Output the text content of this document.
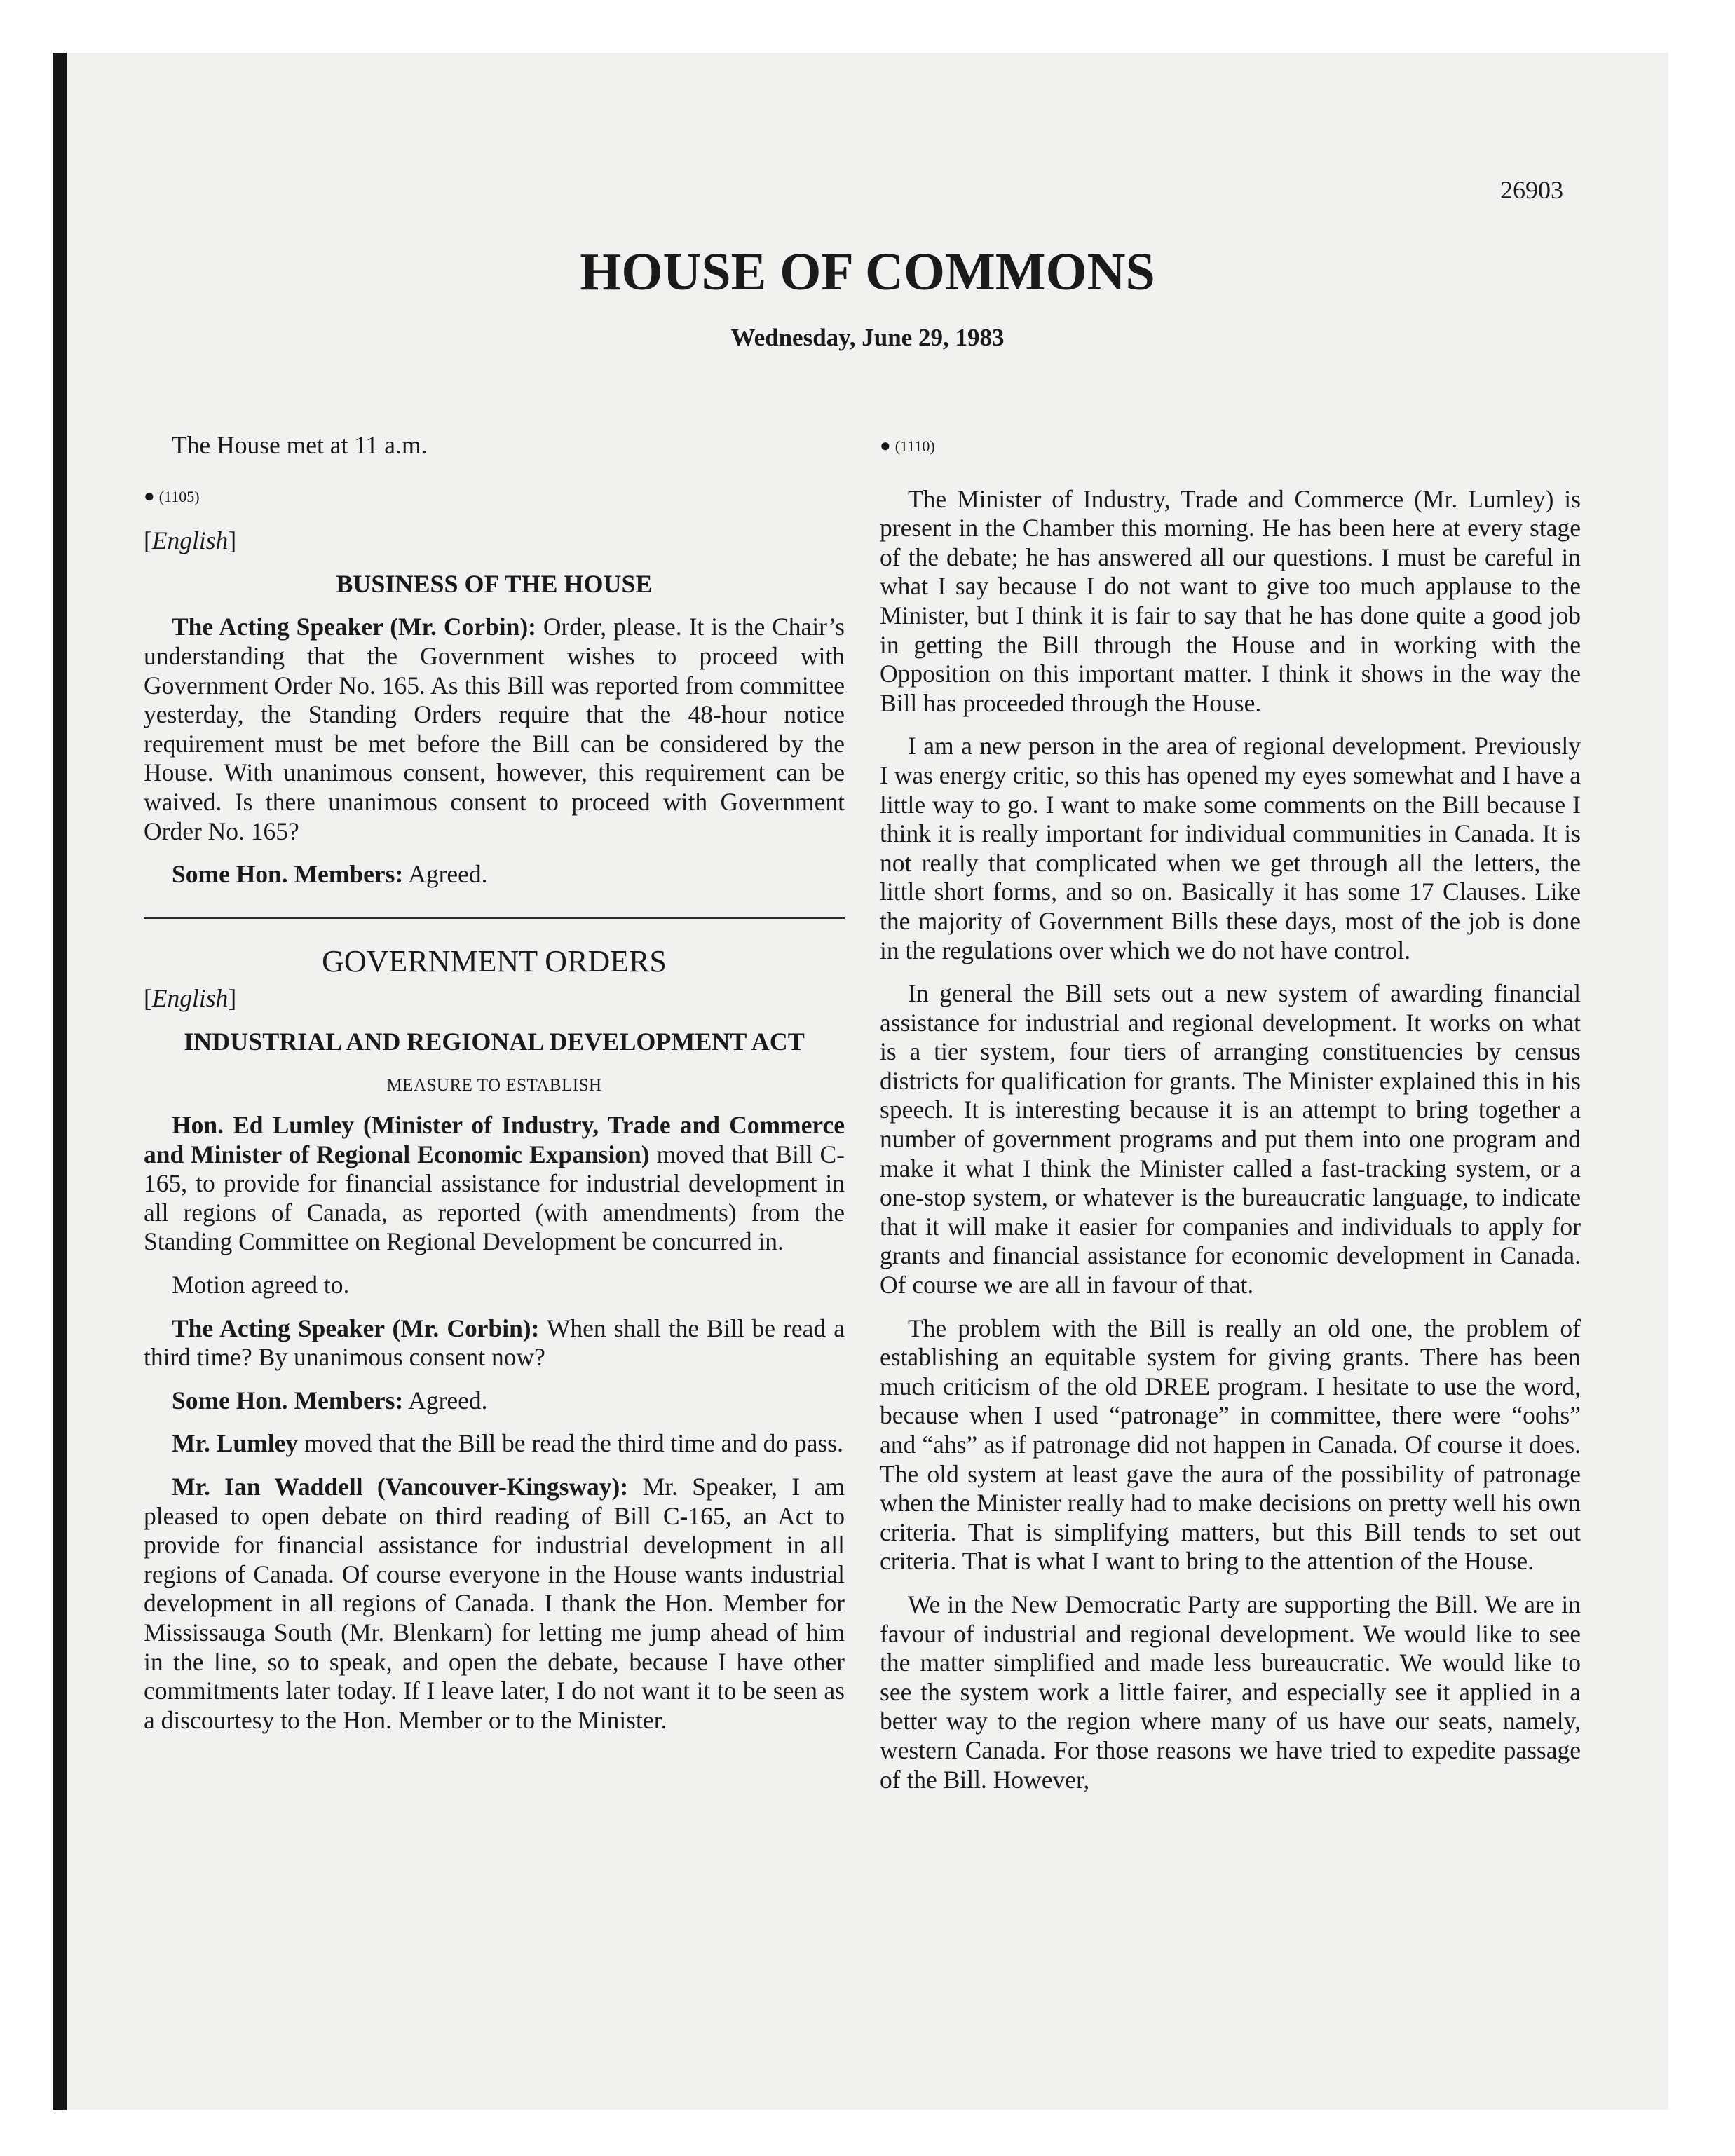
26903
HOUSE OF COMMONS
Wednesday, June 29, 1983

The House met at 11 a.m.

● (1105)

[English]

BUSINESS OF THE HOUSE

The Acting Speaker (Mr. Corbin): Order, please. It is the Chair’s understanding that the Government wishes to proceed with Government Order No. 165. As this Bill was reported from committee yesterday, the Standing Orders require that the 48-hour notice requirement must be met before the Bill can be considered by the House. With unanimous consent, however, this requirement can be waived. Is there unanimous consent to proceed with Government Order No. 165?

Some Hon. Members: Agreed.

GOVERNMENT ORDERS

[English]

INDUSTRIAL AND REGIONAL DEVELOPMENT ACT

MEASURE TO ESTABLISH

Hon. Ed Lumley (Minister of Industry, Trade and Commerce and Minister of Regional Economic Expansion) moved that Bill C-165, to provide for financial assistance for industrial development in all regions of Canada, as reported (with amendments) from the Standing Committee on Regional Development be concurred in.

Motion agreed to.

The Acting Speaker (Mr. Corbin): When shall the Bill be read a third time? By unanimous consent now?

Some Hon. Members: Agreed.

Mr. Lumley moved that the Bill be read the third time and do pass.

Mr. Ian Waddell (Vancouver-Kingsway): Mr. Speaker, I am pleased to open debate on third reading of Bill C-165, an Act to provide for financial assistance for industrial development in all regions of Canada. Of course everyone in the House wants industrial development in all regions of Canada. I thank the Hon. Member for Mississauga South (Mr. Blenkarn) for letting me jump ahead of him in the line, so to speak, and open the debate, because I have other commitments later today. If I leave later, I do not want it to be seen as a discourtesy to the Hon. Member or to the Minister.

● (1110)

The Minister of Industry, Trade and Commerce (Mr. Lumley) is present in the Chamber this morning. He has been here at every stage of the debate; he has answered all our questions. I must be careful in what I say because I do not want to give too much applause to the Minister, but I think it is fair to say that he has done quite a good job in getting the Bill through the House and in working with the Opposition on this important matter. I think it shows in the way the Bill has proceeded through the House.

I am a new person in the area of regional development. Previously I was energy critic, so this has opened my eyes somewhat and I have a little way to go. I want to make some comments on the Bill because I think it is really important for individual communities in Canada. It is not really that complicated when we get through all the letters, the little short forms, and so on. Basically it has some 17 Clauses. Like the majority of Government Bills these days, most of the job is done in the regulations over which we do not have control.

In general the Bill sets out a new system of awarding financial assistance for industrial and regional development. It works on what is a tier system, four tiers of arranging constituencies by census districts for qualification for grants. The Minister explained this in his speech. It is interesting because it is an attempt to bring together a number of government programs and put them into one program and make it what I think the Minister called a fast-tracking system, or a one-stop system, or whatever is the bureaucratic language, to indicate that it will make it easier for companies and individuals to apply for grants and financial assistance for economic development in Canada. Of course we are all in favour of that.

The problem with the Bill is really an old one, the problem of establishing an equitable system for giving grants. There has been much criticism of the old DREE program. I hesitate to use the word, because when I used “patronage” in committee, there were “oohs” and “ahs” as if patronage did not happen in Canada. Of course it does. The old system at least gave the aura of the possibility of patronage when the Minister really had to make decisions on pretty well his own criteria. That is simplifying matters, but this Bill tends to set out criteria. That is what I want to bring to the attention of the House.

We in the New Democratic Party are supporting the Bill. We are in favour of industrial and regional development. We would like to see the matter simplified and made less bureaucratic. We would like to see the system work a little fairer, and especially see it applied in a better way to the region where many of us have our seats, namely, western Canada. For those reasons we have tried to expedite passage of the Bill. However,
